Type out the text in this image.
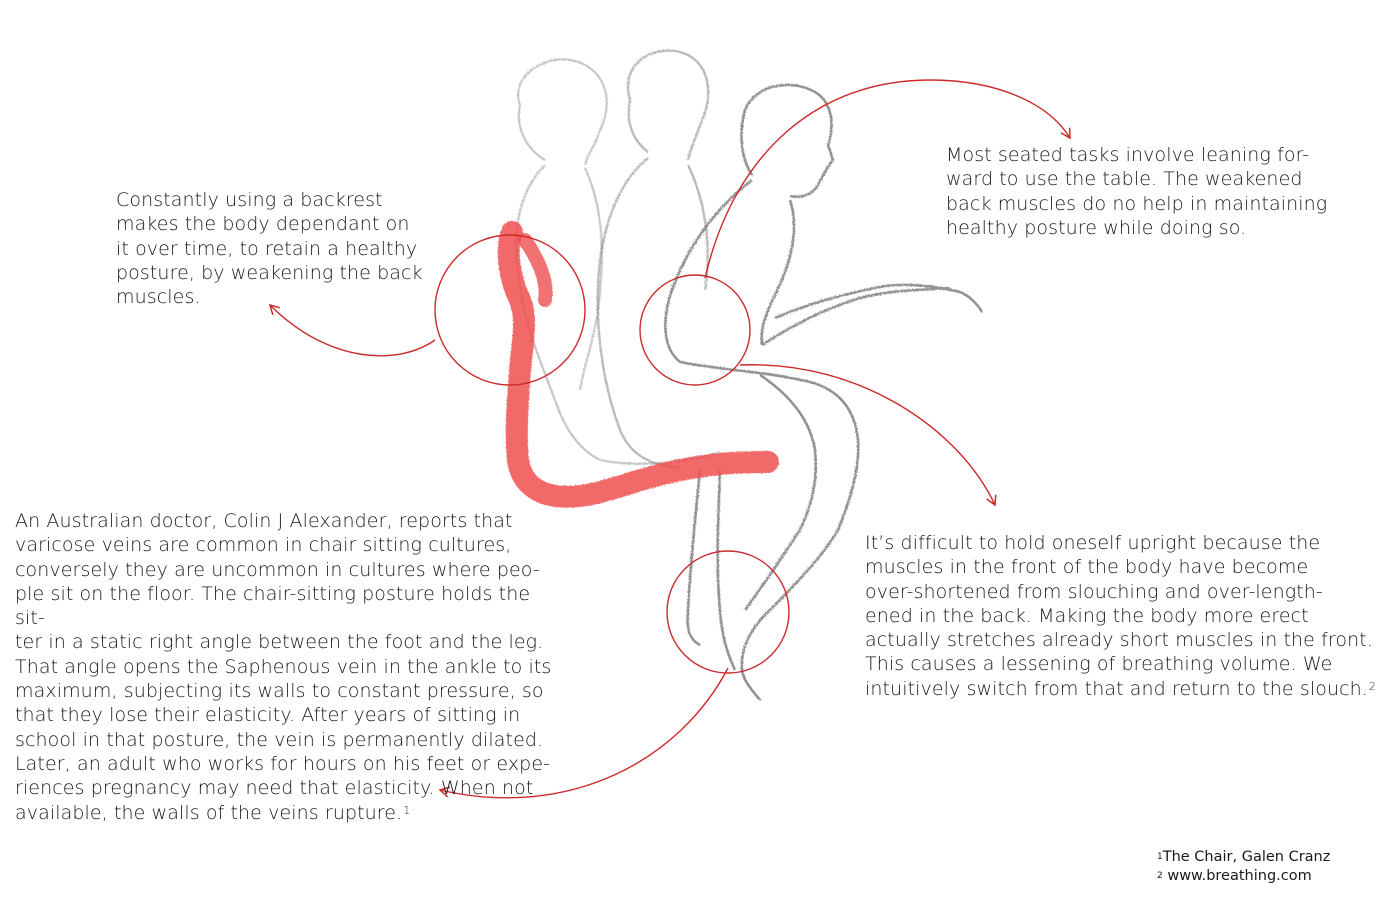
Constantly using a backrest
makes the body dependant on
it over time, to retain a healthy
posture, by weakening the back
muscles.

Most seated tasks involve leaning for-
ward to use the table. The weakened
back muscles do no help in maintaining
healthy posture while doing so.

It’s difficult to hold oneself upright because the
muscles in the front of the body have become
over-shortened from slouching and over-length-
ened in the back. Making the body more erect
actually stretches already short muscles in the front.
This causes a lessening of breathing volume. We
intuitively switch from that and return to the slouch.$^2$

An Australian doctor, Colin J Alexander, reports that
varicose veins are common in chair sitting cultures,
conversely they are uncommon in cultures where peo-
ple sit on the floor. The chair-sitting posture holds the sit-
ter in a static right angle between the foot and the leg.
That angle opens the Saphenous vein in the ankle to its
maximum, subjecting its walls to constant pressure, so
that they lose their elasticity. After years of sitting in
school in that posture, the vein is permanently dilated.
Later, an adult who works for hours on his feet or expe-
riences pregnancy may need that elasticity. When not
available, the walls of the veins rupture.$^1$

$^1$The Chair, Galen Cranz
$^2$ www.breathing.com
